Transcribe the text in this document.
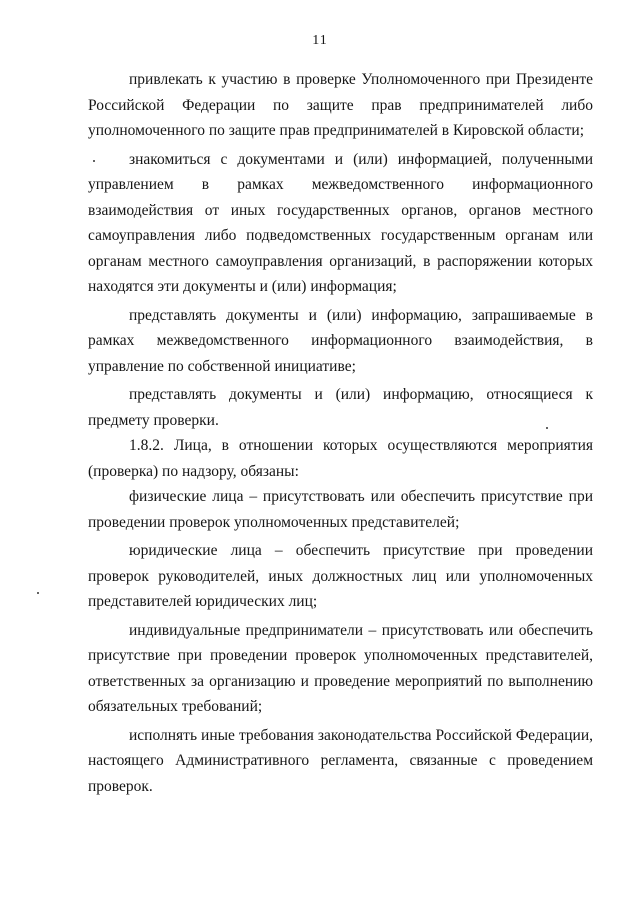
11

привлекать к участию в проверке Уполномоченного при Президенте Российской Федерации по защите прав предпринимателей либо уполномоченного по защите прав предпринимателей в Кировской области;

знакомиться с документами и (или) информацией, полученными управлением в рамках межведомственного информационного взаимодействия от иных государственных органов, органов местного самоуправления либо подведомственных государственным органам или органам местного самоуправления организаций, в распоряжении которых находятся эти документы и (или) информация;

представлять документы и (или) информацию, запрашиваемые в рамках межведомственного информационного взаимодействия, в управление по собственной инициативе;

представлять документы и (или) информацию, относящиеся к предмету проверки.

1.8.2. Лица, в отношении которых осуществляются мероприятия (проверка) по надзору, обязаны:

физические лица – присутствовать или обеспечить присутствие при проведении проверок уполномоченных представителей;

юридические лица – обеспечить присутствие при проведении проверок руководителей, иных должностных лиц или уполномоченных представителей юридических лиц;

индивидуальные предприниматели – присутствовать или обеспечить присутствие при проведении проверок уполномоченных представителей, ответственных за организацию и проведение мероприятий по выполнению обязательных требований;

исполнять иные требования законодательства Российской Федерации, настоящего Административного регламента, связанные с проведением проверок.
